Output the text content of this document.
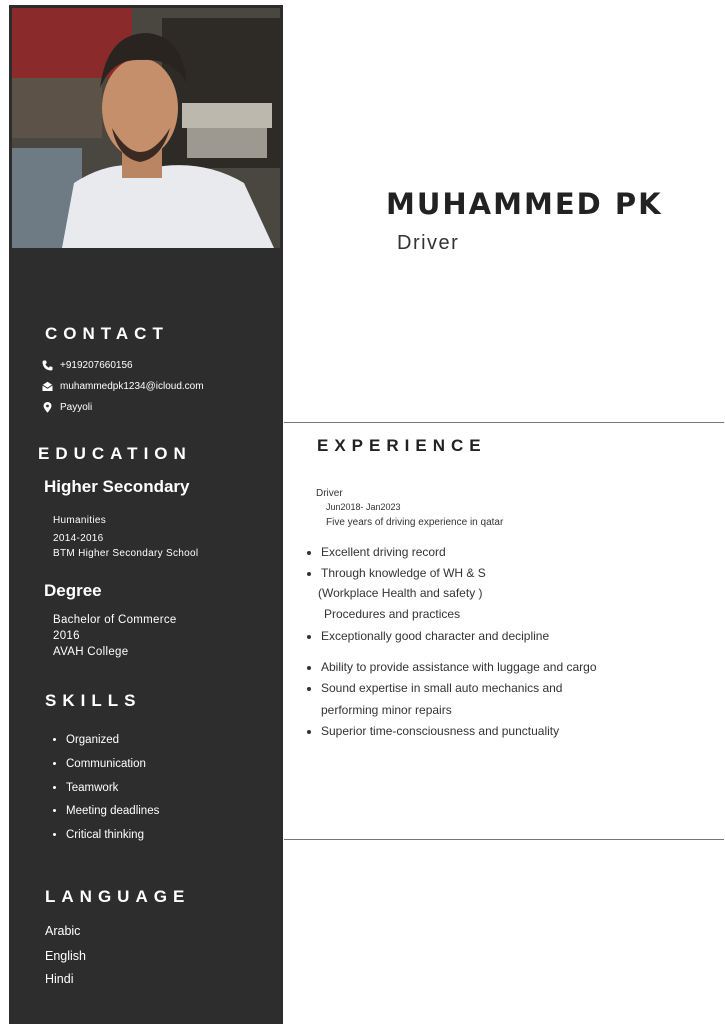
CONTACT
+919207660156
muhammedpk1234@icloud.com
Payyoli
EDUCATION
Higher Secondary
Humanities
2014-2016
BTM Higher Secondary School
Degree
Bachelor of Commerce
2016
AVAH College
SKILLS
• Organized
• Communication
• Teamwork
• Meeting deadlines
• Critical thinking
LANGUAGE
Arabic
English
Hindi
MUHAMMED PK
Driver
EXPERIENCE
Driver
Jun2018- Jan2023
Five years of driving experience in qatar
• Excellent driving record
• Through knowledge of WH & S
(Workplace Health and safety )
Procedures and practices
• Exceptionally good character and decipline
• Ability to provide assistance with luggage and cargo
• Sound expertise in small auto mechanics and performing minor repairs
• Superior time-consciousness and punctuality
